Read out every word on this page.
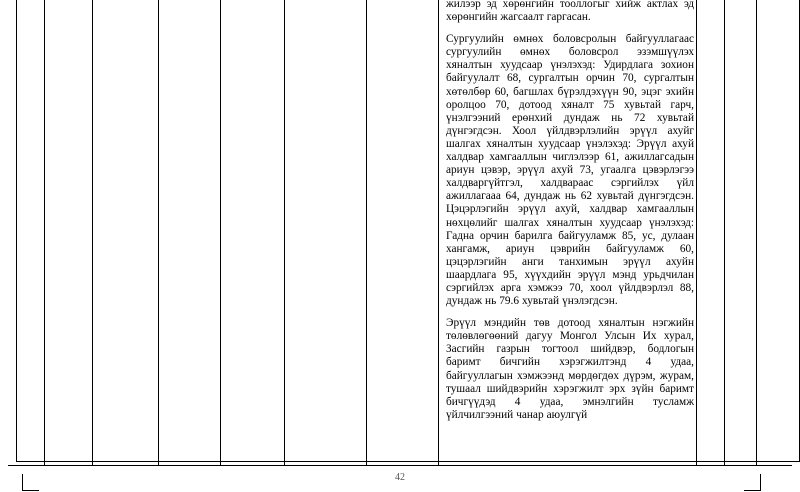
жилээр эд хөрөнгийн тооллогыг хийж актлах эд хөрөнгийн жагсаалт гаргасан.

Сургуулийн өмнөх боловсролын байгууллагаас сургуулийн өмнөх боловсрол эзэмшүүлэх хяналтын хуудсаар үнэлэхэд: Удирдлага зохион байгуулалт 68, сургалтын орчин 70, сургалтын хөтөлбөр 60, багшлах бүрэлдэхүүн 90, эцэг эхийн оролцоо 70, дотоод хяналт 75 хувьтай гарч, үнэлгээний ерөнхий дундаж нь 72 хувьтай дүнгэгдсэн. Хоол үйлдвэрлэлийн эрүүл ахуйг шалгах хяналтын хуудсаар үнэлэхэд: Эрүүл ахуй халдвар хамгааллын чиглэлээр 61, ажиллагсадын ариун цэвэр, эрүүл ахуй 73, угаалга цэвэрлэгээ халдваргүйтгэл, халдвараас сэргийлэх үйл ажиллагааа 64, дундаж нь 62 хувьтай дүнгэгдсэн. Цэцэрлэгийн эрүүл ахуй, халдвар хамгааллын нөхцөлийг шалгах хяналтын хуудсаар үнэлэхэд: Гадна орчин барилга байгууламж 85, ус, дулаан хангамж, ариун цэврийн байгууламж 60, цэцэрлэгийн анги танхимын эрүүл ахуйн шаардлага 95, хүүхдийн эрүүл мэнд урьдчилан сэргийлэх арга хэмжээ 70, хоол үйлдвэрлэл 88, дундаж нь 79.6 хувьтай үнэлэгдсэн.

Эрүүл мэндийн төв дотоод хяналтын нэгжийн төлөвлөгөөний дагуу Монгол Улсын Их хурал, Засгийн газрын тогтоол шийдвэр, бодлогын баримт бичгийн хэрэгжилтэнд 4 удаа, байгууллагын хэмжээнд мөрдөгдөх дүрэм, журам, тушаал шийдвэрийн хэрэгжилт эрх зүйн баримт бичгүүдэд 4 удаа, эмнэлгийн тусламж үйлчилгээний чанар аюулгүй

42
